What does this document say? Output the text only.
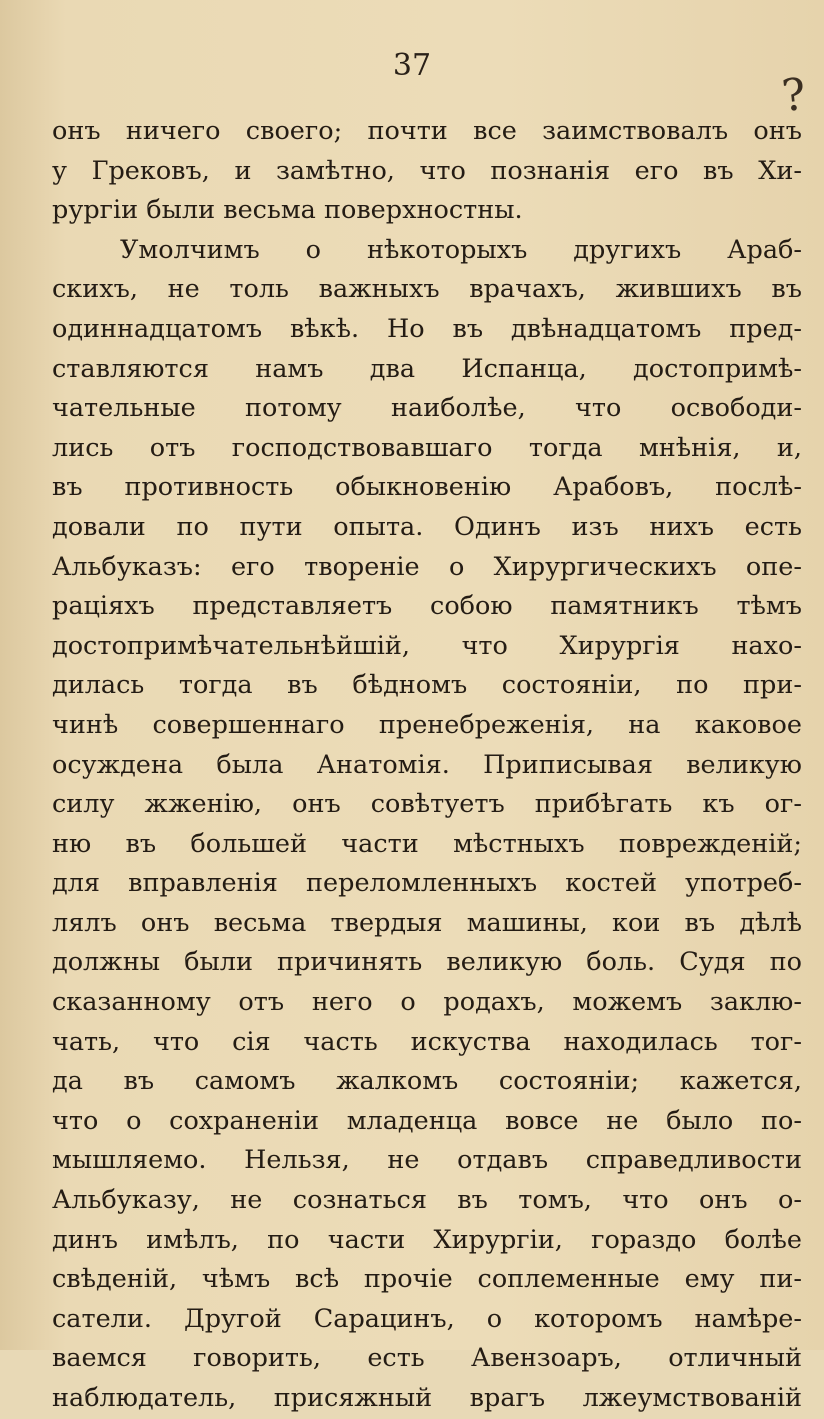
37
?
онъ ничего своего; почти все заимствовалъ онъ
у Грековъ, и замѣтно, что познанія его въ Хи-
рургіи были весьма поверхностны.
Умолчимъ о нѣкоторыхъ другихъ Араб-
скихъ, не толь важныхъ врачахъ, жившихъ въ
одиннадцатомъ вѣкѣ. Но въ двѣнадцатомъ пред-
ставляются намъ два Испанца, достопримѣ-
чательные потому наиболѣе, что освободи-
лись отъ господствовавшаго тогда мнѣнія, и,
въ противность обыкновенію Арабовъ, послѣ-
довали по пути опыта. Одинъ изъ нихъ есть
Альбуказъ: его твореніе о Хирургическихъ опе-
раціяхъ представляетъ собою памятникъ тѣмъ
достопримѣчательнѣйшій, что Хирургія нахо-
дилась тогда въ бѣдномъ состояніи, по при-
чинѣ совершеннаго пренебреженія, на каковое
осуждена была Анатомія. Приписывая великую
силу жженію, онъ совѣтуетъ прибѣгать къ ог-
ню въ большей части мѣстныхъ поврежденій;
для вправленія переломленныхъ костей употреб-
лялъ онъ весьма твердыя машины, кои въ дѣлѣ
должны были причинять великую боль. Судя по
сказанному отъ него о родахъ, можемъ заклю-
чать, что сія часть искуства находилась тог-
да въ самомъ жалкомъ состояніи; кажется,
что о сохраненіи младенца вовсе не было по-
мышляемо. Нельзя, не отдавъ справедливости
Альбуказу, не сознаться въ томъ, что онъ о-
динъ имѣлъ, по части Хирургіи, гораздо болѣе
свѣденій, чѣмъ всѣ прочіе соплеменные ему пи-
сатели. Другой Сарацинъ, о которомъ намѣре-
ваемся говорить, есть Авензоаръ, отличный
наблюдатель, присяжный врагъ лжеумствованій
